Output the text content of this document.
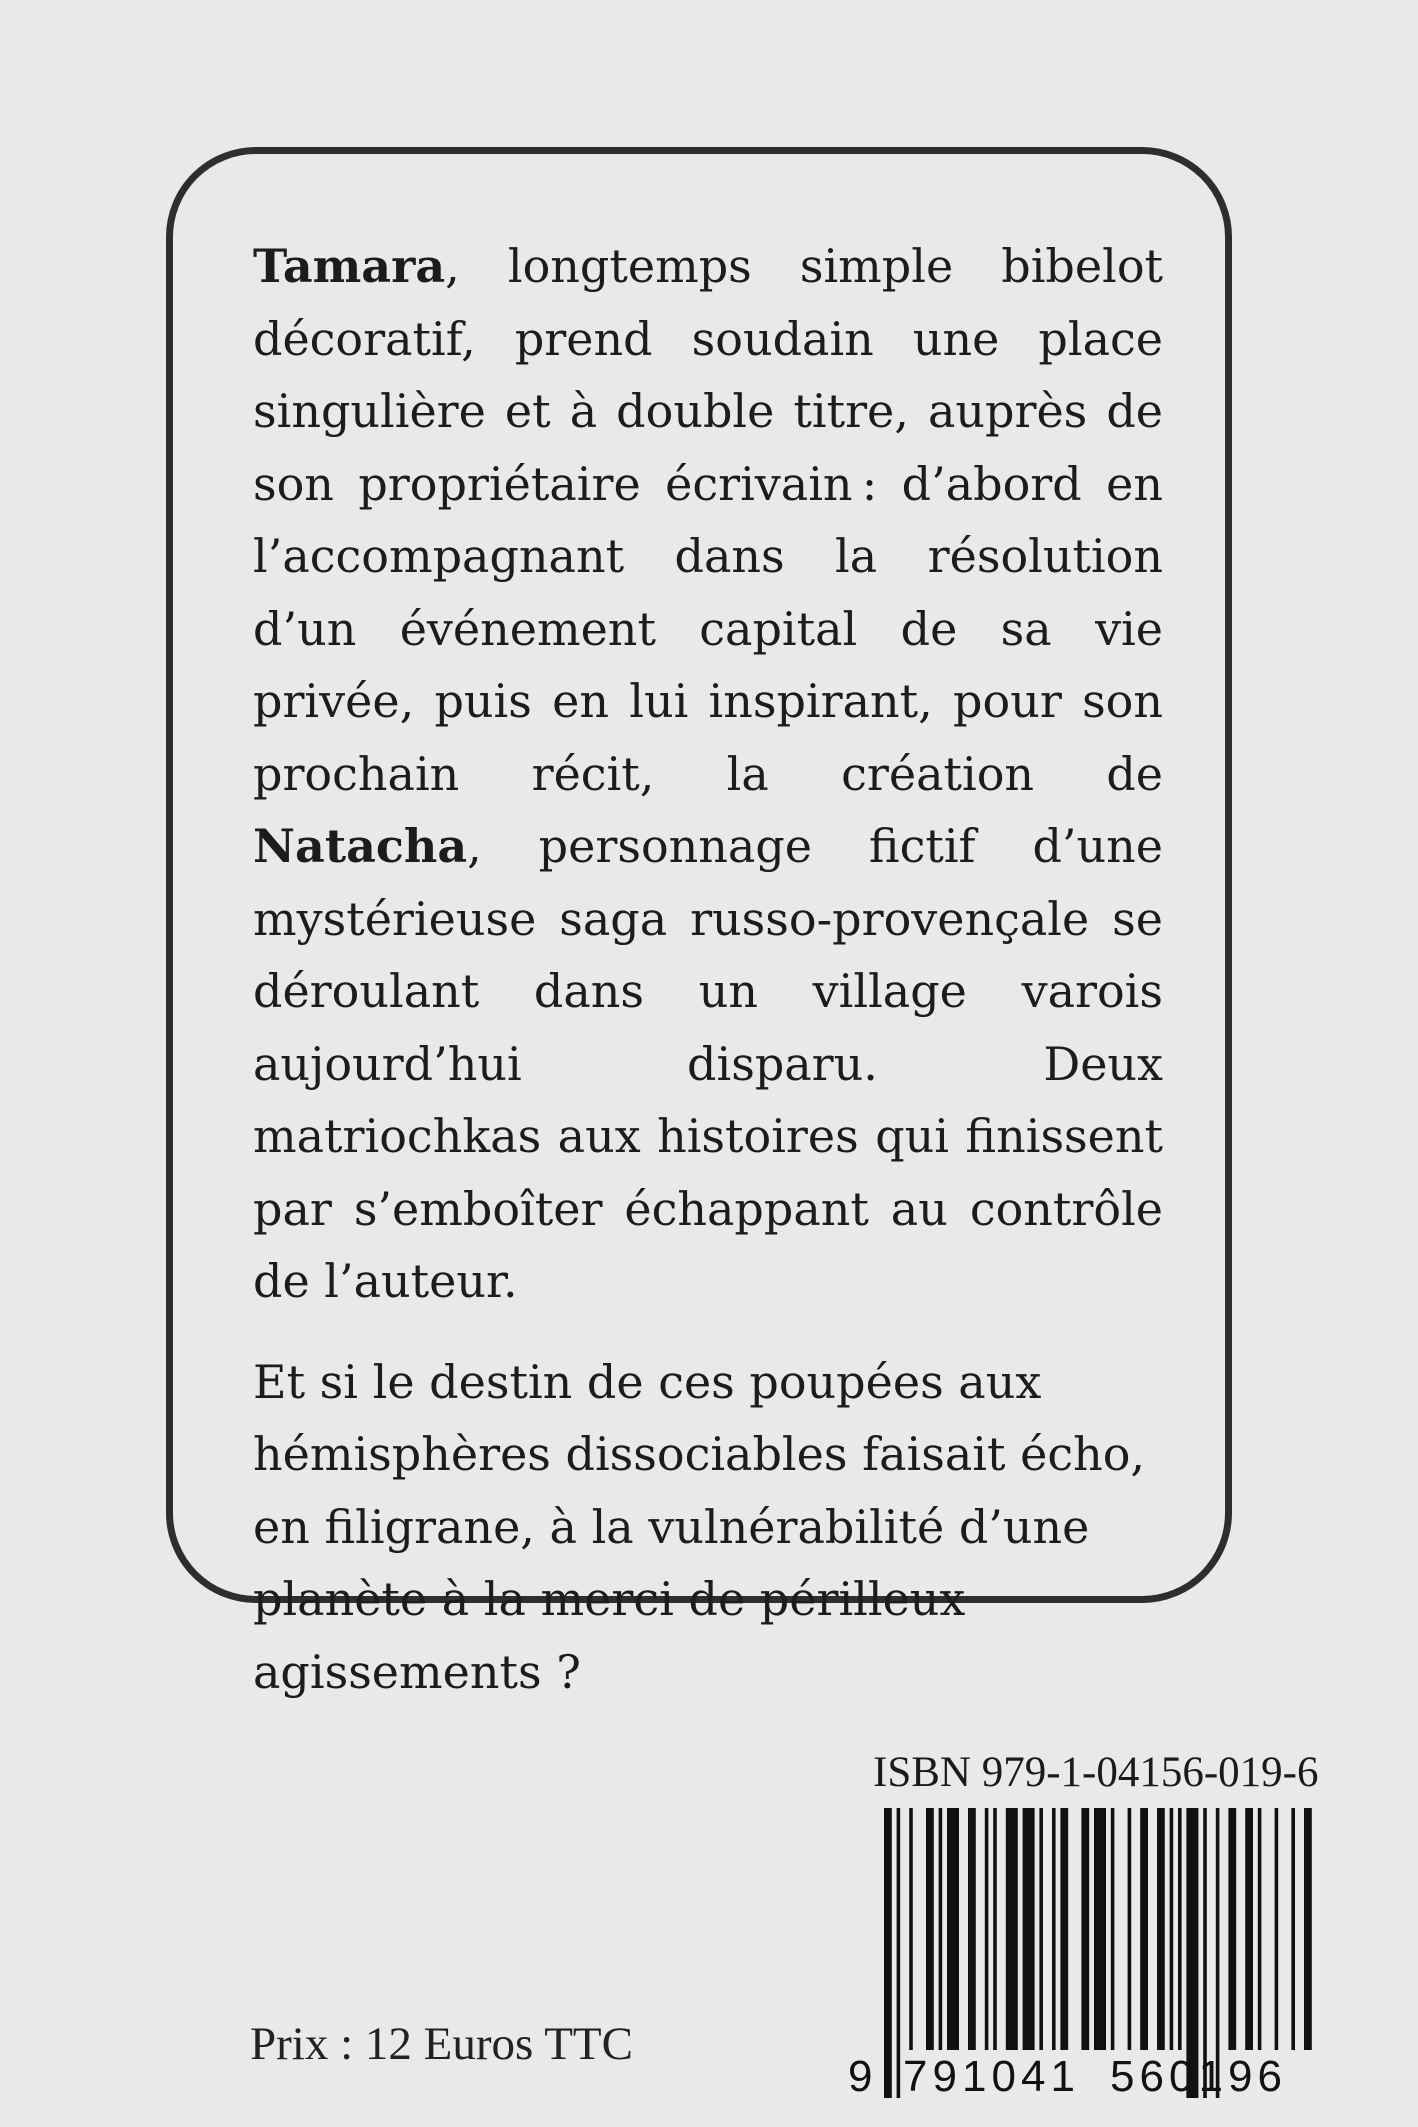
Tamara, longtemps simple bibelot décoratif, prend soudain une place singulière et à double titre, auprès de son propriétaire écrivain : d’abord en l’accompagnant dans la résolution d’un événement capital de sa vie privée, puis en lui inspirant, pour son prochain récit, la création de Natacha, personnage fictif d’une mystérieuse saga russo-provençale se déroulant dans un village varois aujourd’hui disparu. Deux matriochkas aux histoires qui finissent par s’emboîter échappant au contrôle de l’auteur.

Et si le destin de ces poupées aux hémisphères dissociables faisait écho, en filigrane, à la vulnérabilité d’une planète à la merci de périlleux agissements ?

ISBN 979-1-04156-019-6
9 791041 560196
Prix : 12 Euros TTC
